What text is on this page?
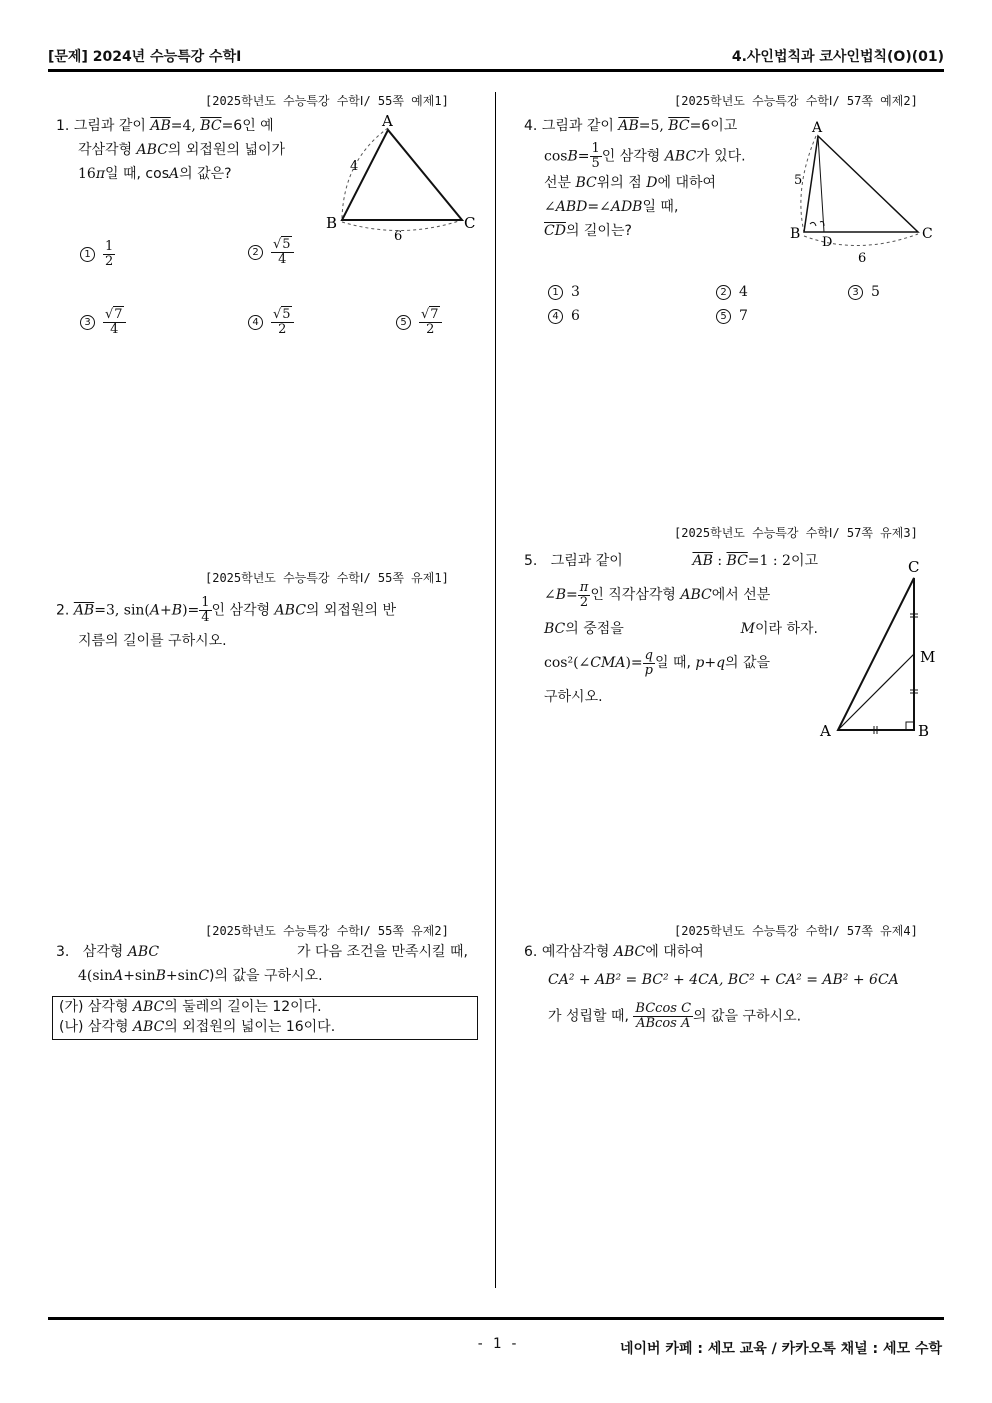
[문제] 2024년 수능특강 수학Ⅰ	4.사인법칙과 코사인법칙(O)(01)
[2025학년도 수능특강 수학Ⅰ/ 55쪽 예제1]
1. 그림과 같이 $\overline{AB}=4$, $\overline{BC}=6$인 예
각삼각형 ABC의 외접원의 넓이가
16π일 때, cosA의 값은?
A
B	C
4
6
$1 \frac{1}{2}$	$2 \frac{√5}{4}$
$3 \frac{√7}{4}$	$4 \frac{√5}{2}$	$5 \frac{√7}{2}$
[2025학년도 수능특강 수학Ⅰ/ 55쪽 유제1]
2. $\overline{AB}=3$, $\sin(A+B)= \frac{1}{4}$ 인 삼각형 ABC의 외접원의 반
지름의 길이를 구하시오.
[2025학년도 수능특강 수학Ⅰ/ 55쪽 유제2]
3. 삼각형 ABC	가 다음 조건을 만족시킬 때,
4(sinA+sinB+sinC)의 값을 구하시오.
(가) 삼각형 ABC의 둘레의 길이는 12이다.
(나) 삼각형 ABC의 외접원의 넓이는 16이다.
[2025학년도 수능특강 수학Ⅰ/ 57쪽 예제2]
4. 그림과 같이 $\overline{AB}=5$, $\overline{BC}=6$이고
$\cos B= \frac{1}{5}$ 인 삼각형 ABC가 있다.
선분 BC위의 점 D에 대하여
∠ABD=∠ADB일 때,
$\overline{CD}$의 길이는?
A
B	C
D
5
6
1 3	2 4	3 5
4 6	5 7
[2025학년도 수능특강 수학Ⅰ/ 57쪽 유제3]
5. 그림과 같이	$\overline{AB}$ : $\overline{BC}=1$ : 2이고
∠B= $\frac{\pi}{2}$ 인 직각삼각형 ABC에서 선분
BC의 중점을	M이라 하자.
cos²(∠CMA)= $\frac{q}{p}$ 일 때, p+q의 값을
구하시오.
C
M
A	B
[2025학년도 수능특강 수학Ⅰ/ 57쪽 유제4]
6. 예각삼각형 ABC에 대하여
CA² + AB² = BC² + 4CA, BC² + CA² = AB² + 6CA
가 성립할 때, $\frac{\text{BCcos C}}{\text{ABcos A}}$ 의 값을 구하시오.
- 1 -	네이버 카페 : 세모 교육 / 카카오톡 채널 : 세모 수학
